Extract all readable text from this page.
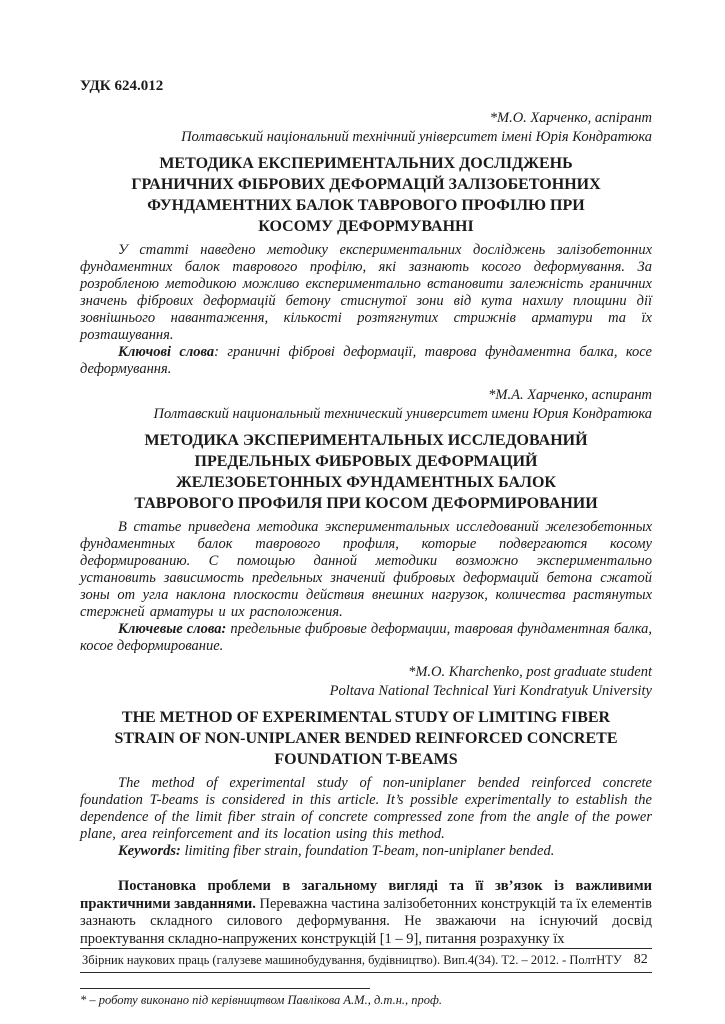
УДК 624.012
*М.О. Харченко, аспірант
Полтавський національний технічний університет імені Юрія Кондратюка
МЕТОДИКА ЕКСПЕРИМЕНТАЛЬНИХ ДОСЛІДЖЕНЬ
ГРАНИЧНИХ ФІБРОВИХ ДЕФОРМАЦІЙ ЗАЛІЗОБЕТОННИХ
ФУНДАМЕНТНИХ БАЛОК ТАВРОВОГО ПРОФІЛЮ ПРИ
КОСОМУ ДЕФОРМУВАННІ

У статті наведено методику експериментальних досліджень залізобетонних фундаментних балок таврового профілю, які зазнають косого деформування. За розробленою методикою можливо експериментально встановити залежність граничних значень фібрових деформацій бетону стиснутої зони від кута нахилу площини дії зовнішнього навантаження, кількості розтягнутих стрижнів арматури та їх розташування.

Ключові слова: граничні фіброві деформації, таврова фундаментна балка, косе деформування.

*М.А. Харченко, аспирант
Полтавский национальный технический университет имени Юрия Кондратюка
МЕТОДИКА ЭКСПЕРИМЕНТАЛЬНЫХ ИССЛЕДОВАНИЙ
ПРЕДЕЛЬНЫХ ФИБРОВЫХ ДЕФОРМАЦИЙ
ЖЕЛЕЗОБЕТОННЫХ ФУНДАМЕНТНЫХ БАЛОК
ТАВРОВОГО ПРОФИЛЯ ПРИ КОСОМ ДЕФОРМИРОВАНИИ

В статье приведена методика экспериментальных исследований железобетонных фундаментных балок таврового профиля, которые подвергаются косому деформированию. С помощью данной методики возможно экспериментально установить зависимость предельных значений фибровых деформаций бетона сжатой зоны от угла наклона плоскости действия внешних нагрузок, количества растянутых стержней арматуры и их расположения.

Ключевые слова: предельные фибровые деформации, тавровая фундаментная балка, косое деформирование.

*M.O. Kharchenko, post graduate student
Poltava National Technical Yuri Kondratyuk University
THE METHOD OF EXPERIMENTAL STUDY OF LIMITING FIBER
STRAIN OF NON-UNIPLANER BENDED REINFORCED CONCRETE
FOUNDATION T-BEAMS

The method of experimental study of non-uniplaner bended reinforced concrete foundation T-beams is considered in this article. It’s possible experimentally to establish the dependence of the limit fiber strain of concrete compressed zone from the angle of the power plane, area reinforcement and its location using this method.

Keywords: limiting fiber strain, foundation T-beam, non-uniplaner bended.

Постановка проблеми в загальному вигляді та її зв’язок із важливими практичними завданнями. Переважна частина залізобетонних конструкцій та їх елементів зазнають складного силового деформування. Не зважаючи на існуючий досвід проектування складно-напружених конструкцій [1 – 9], питання розрахунку їх

Збірник наукових праць (галузеве машинобудування, будівництво). Вип.4(34). Т2. – 2012. - ПолтНТУ 82
* – роботу виконано під керівництвом Павлікова А.М., д.т.н., проф.
